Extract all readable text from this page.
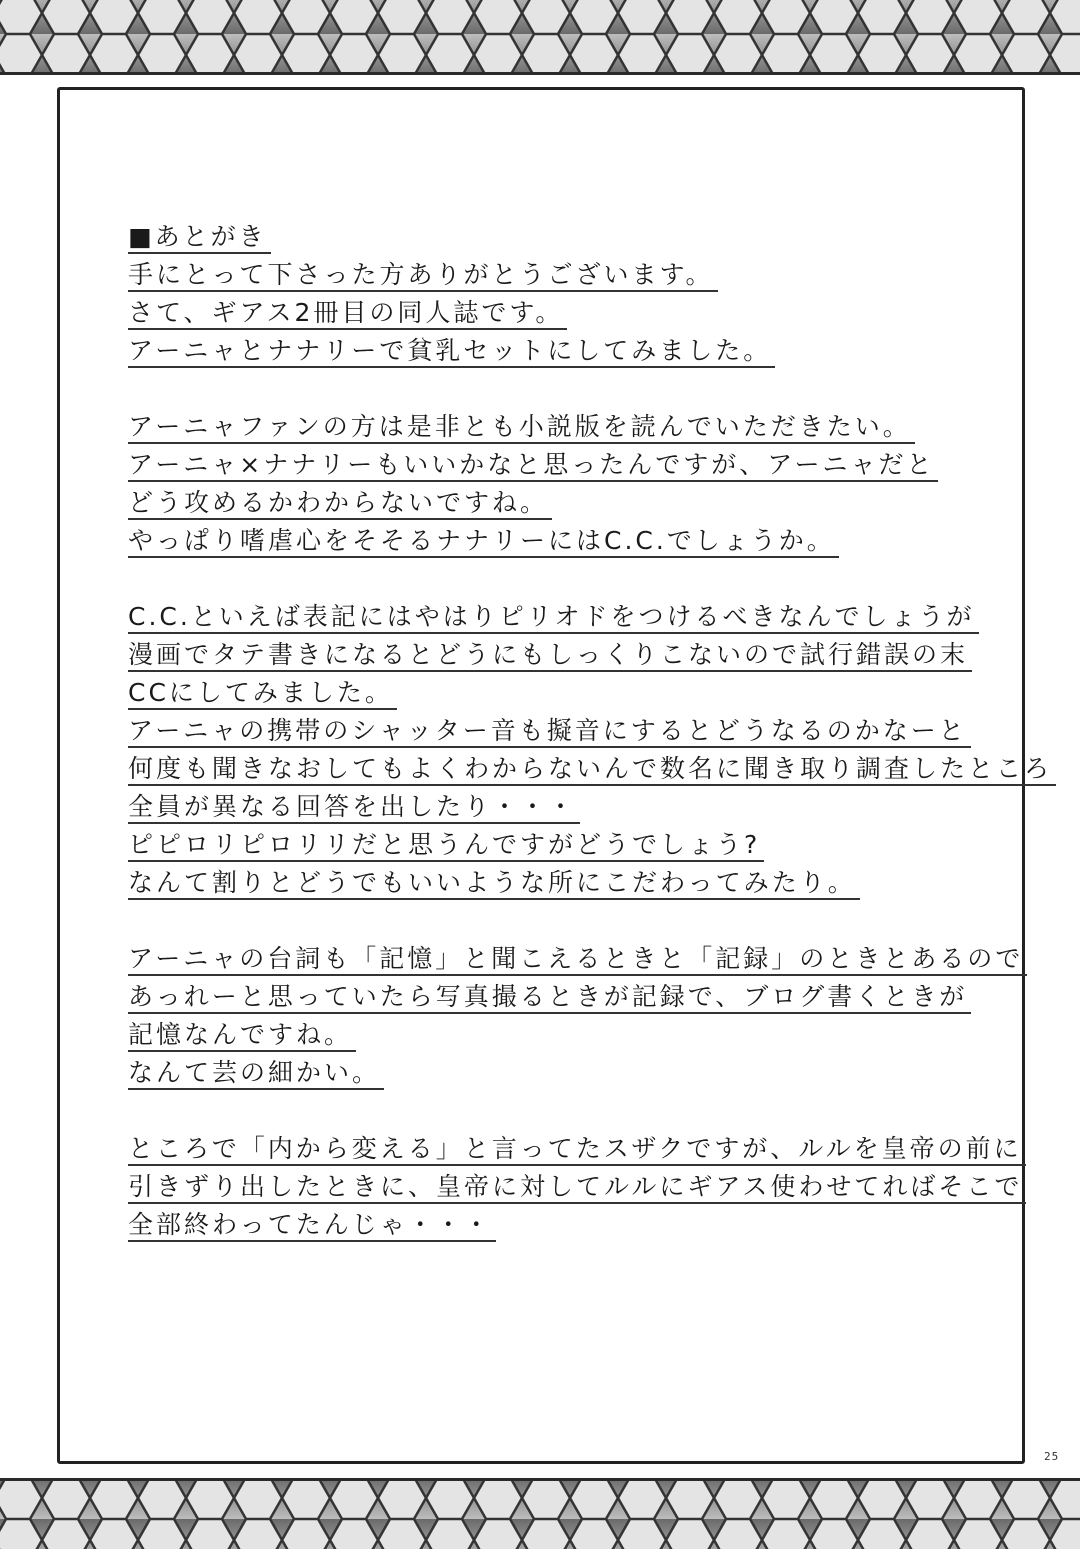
■あとがき
手にとって下さった方ありがとうございます。
さて、ギアス2冊目の同人誌です。
アーニャとナナリーで貧乳セットにしてみました。
アーニャファンの方は是非とも小説版を読んでいただきたい。
アーニャ×ナナリーもいいかなと思ったんですが、アーニャだと
どう攻めるかわからないですね。
やっぱり嗜虐心をそそるナナリーにはC.C.でしょうか。
C.C.といえば表記にはやはりピリオドをつけるべきなんでしょうが
漫画でタテ書きになるとどうにもしっくりこないので試行錯誤の末
CCにしてみました。
アーニャの携帯のシャッター音も擬音にするとどうなるのかなーと
何度も聞きなおしてもよくわからないんで数名に聞き取り調査したところ
全員が異なる回答を出したり・・・
ピピロリピロリリだと思うんですがどうでしょう?
なんて割りとどうでもいいような所にこだわってみたり。
アーニャの台詞も「記憶」と聞こえるときと「記録」のときとあるので
あっれーと思っていたら写真撮るときが記録で、ブログ書くときが
記憶なんですね。
なんて芸の細かい。
ところで「内から変える」と言ってたスザクですが、ルルを皇帝の前に
引きずり出したときに、皇帝に対してルルにギアス使わせてればそこで
全部終わってたんじゃ・・・
25
